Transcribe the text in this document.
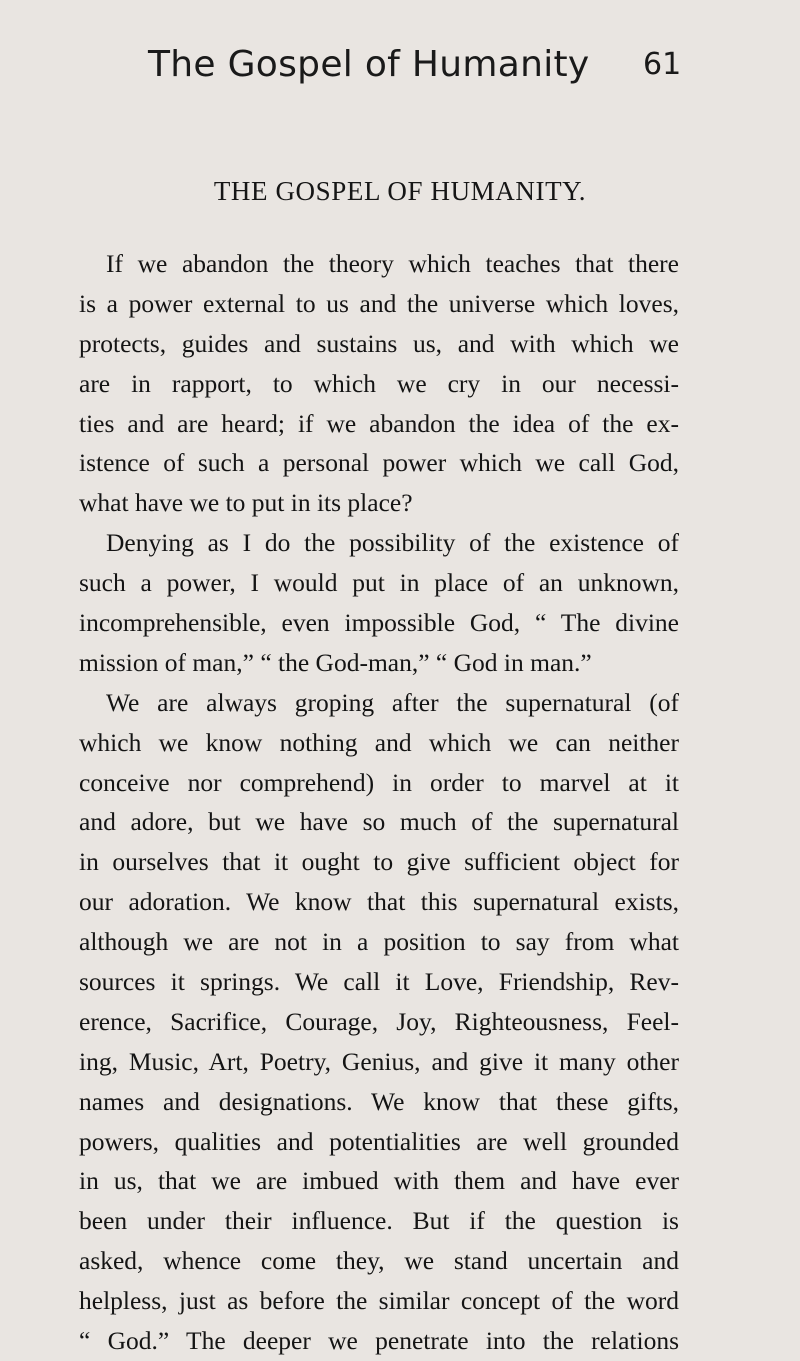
The Gospel of Humanity 61
THE GOSPEL OF HUMANITY.
If we abandon the theory which teaches that there
is a power external to us and the universe which loves,
protects, guides and sustains us, and with which we
are in rapport, to which we cry in our necessi-
ties and are heard; if we abandon the idea of the ex-
istence of such a personal power which we call God,
what have we to put in its place?
Denying as I do the possibility of the existence of
such a power, I would put in place of an unknown,
incomprehensible, even impossible God, “ The divine
mission of man,” “ the God-man,” “ God in man.”
We are always groping after the supernatural (of
which we know nothing and which we can neither
conceive nor comprehend) in order to marvel at it
and adore, but we have so much of the supernatural
in ourselves that it ought to give sufficient object for
our adoration. We know that this supernatural exists,
although we are not in a position to say from what
sources it springs. We call it Love, Friendship, Rev-
erence, Sacrifice, Courage, Joy, Righteousness, Feel-
ing, Music, Art, Poetry, Genius, and give it many other
names and designations. We know that these gifts,
powers, qualities and potentialities are well grounded
in us, that we are imbued with them and have ever
been under their influence. But if the question is
asked, whence come they, we stand uncertain and
helpless, just as before the similar concept of the word
“ God.” The deeper we penetrate into the relations
